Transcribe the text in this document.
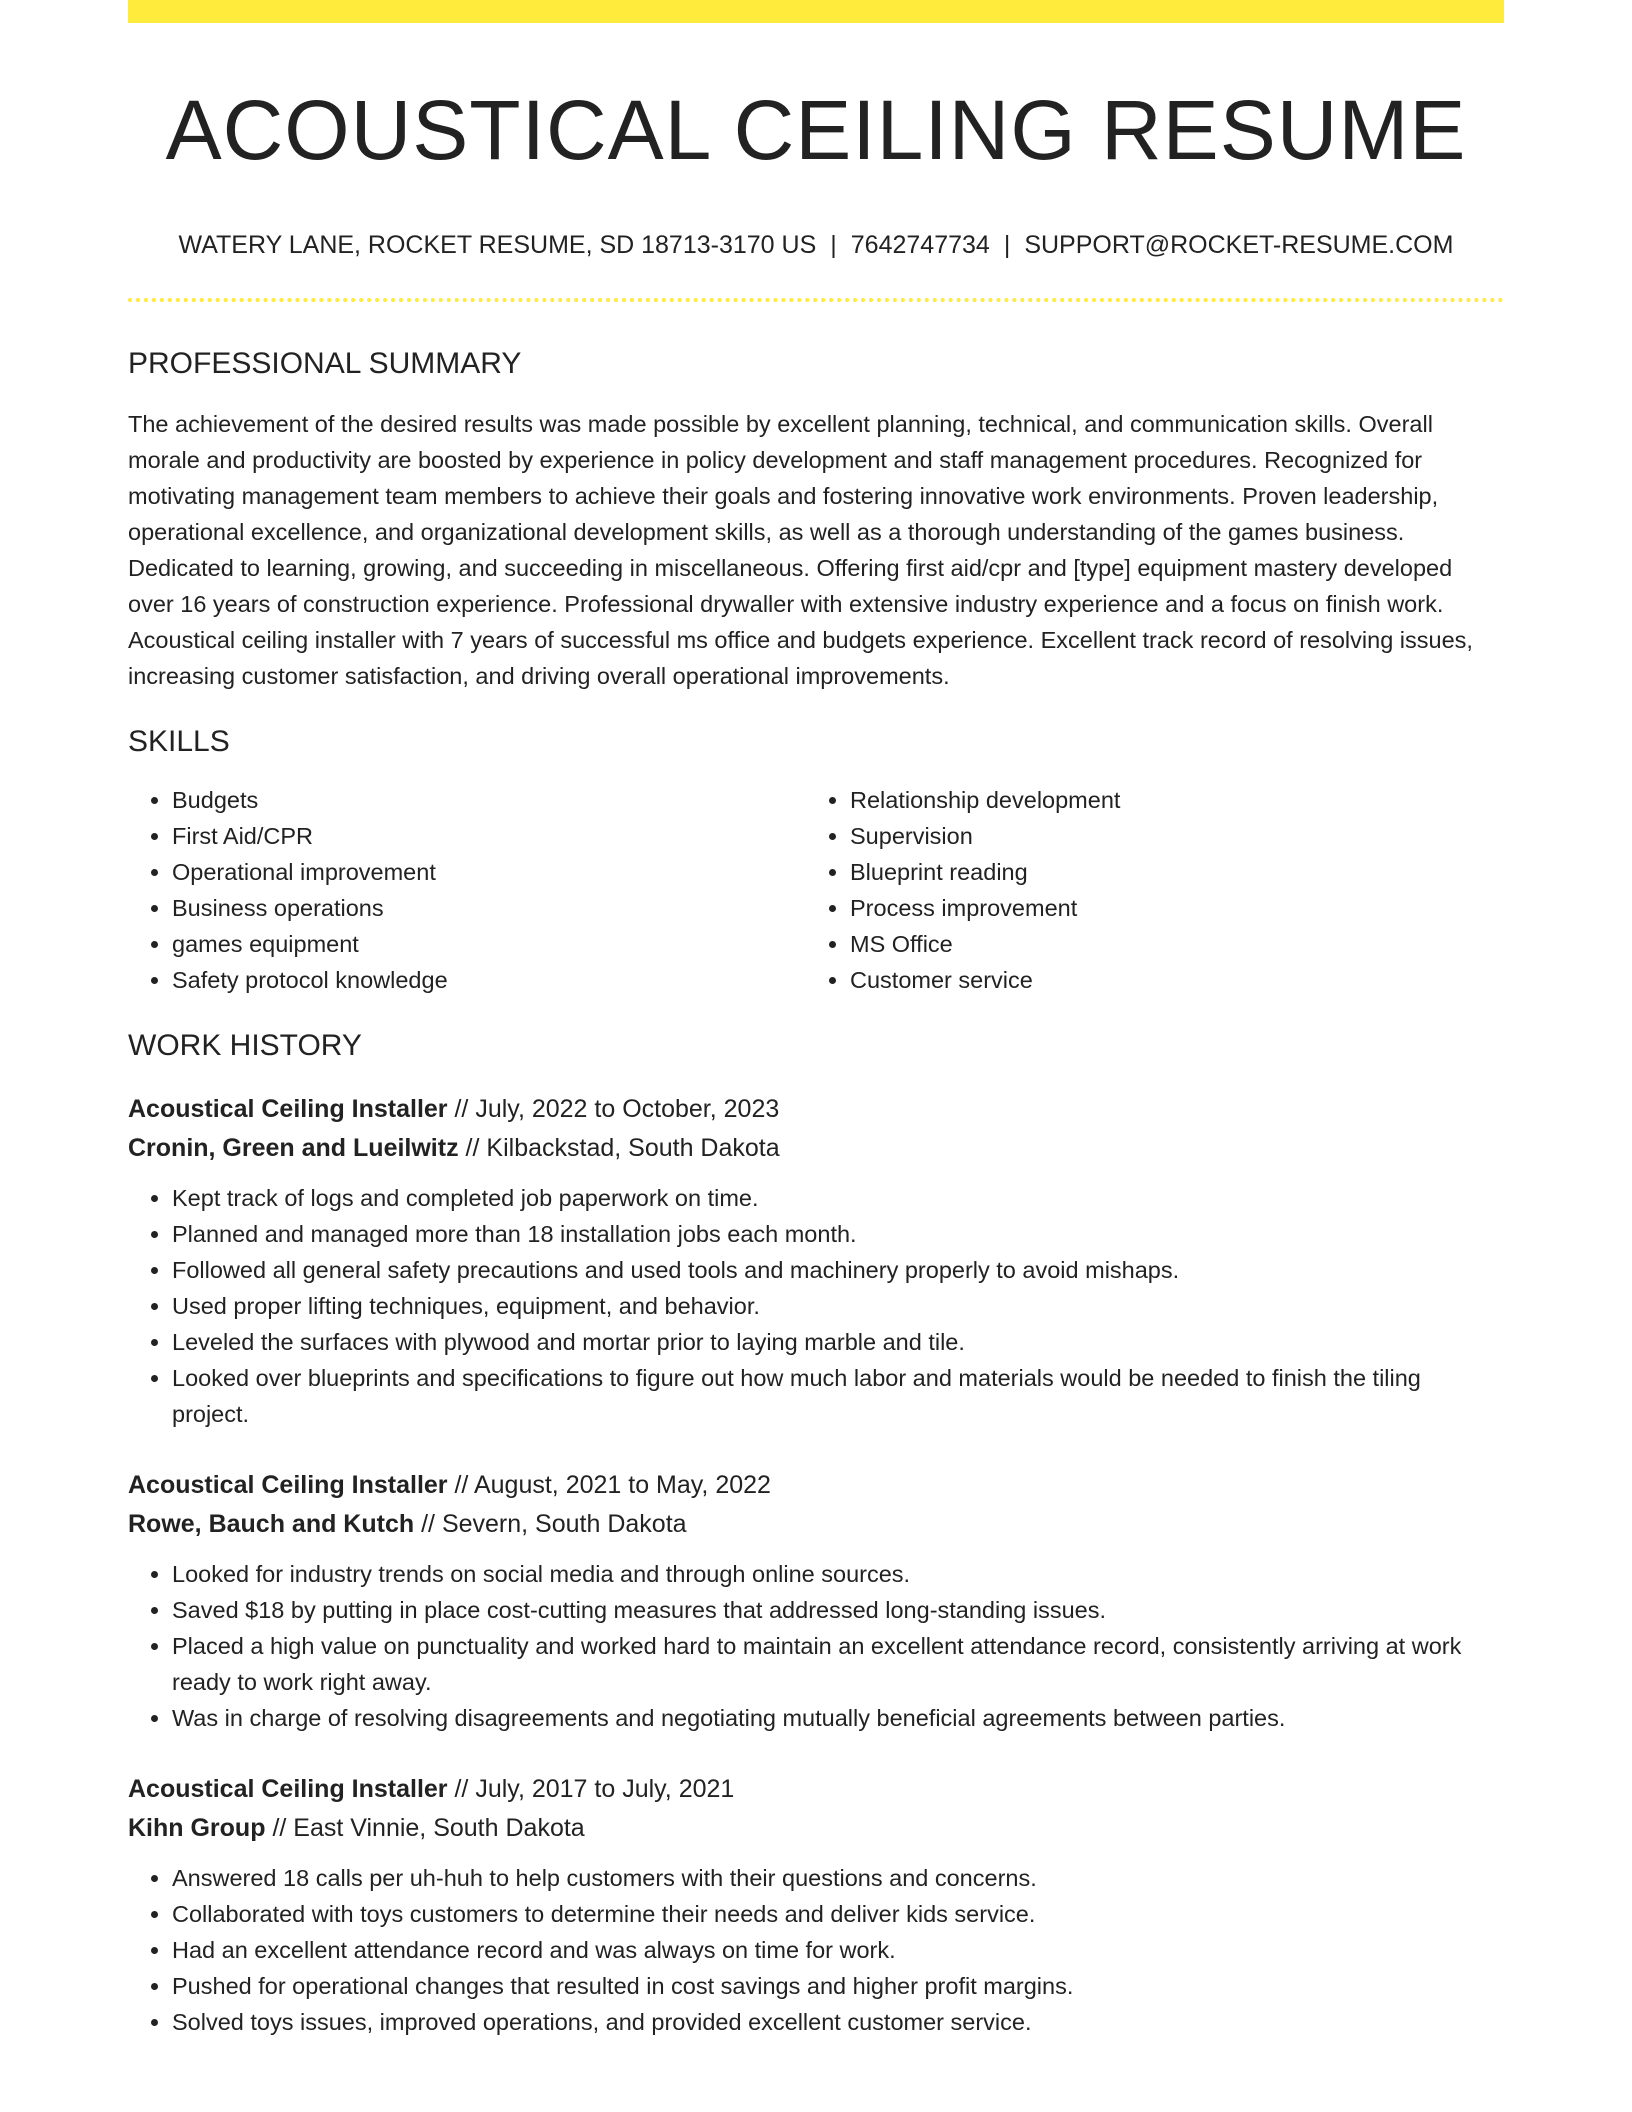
ACOUSTICAL CEILING RESUME
WATERY LANE, ROCKET RESUME, SD 18713-3170 US | 7642747734 | SUPPORT@ROCKET-RESUME.COM
PROFESSIONAL SUMMARY

The achievement of the desired results was made possible by excellent planning, technical, and communication skills. Overall morale and productivity are boosted by experience in policy development and staff management procedures. Recognized for motivating management team members to achieve their goals and fostering innovative work environments. Proven leadership, operational excellence, and organizational development skills, as well as a thorough understanding of the games business. Dedicated to learning, growing, and succeeding in miscellaneous. Offering first aid/cpr and [type] equipment mastery developed over 16 years of construction experience. Professional drywaller with extensive industry experience and a focus on finish work. Acoustical ceiling installer with 7 years of successful ms office and budgets experience. Excellent track record of resolving issues, increasing customer satisfaction, and driving overall operational improvements.

SKILLS
• Budgets
• First Aid/CPR
• Operational improvement
• Business operations
• games equipment
• Safety protocol knowledge
• Relationship development
• Supervision
• Blueprint reading
• Process improvement
• MS Office
• Customer service
WORK HISTORY
Acoustical Ceiling Installer // July, 2022 to October, 2023
Cronin, Green and Lueilwitz // Kilbackstad, South Dakota
• Kept track of logs and completed job paperwork on time.
• Planned and managed more than 18 installation jobs each month.
• Followed all general safety precautions and used tools and machinery properly to avoid mishaps.
• Used proper lifting techniques, equipment, and behavior.
• Leveled the surfaces with plywood and mortar prior to laying marble and tile.
• Looked over blueprints and specifications to figure out how much labor and materials would be needed to finish the tiling project.
Acoustical Ceiling Installer // August, 2021 to May, 2022
Rowe, Bauch and Kutch // Severn, South Dakota
• Looked for industry trends on social media and through online sources.
• Saved $18 by putting in place cost-cutting measures that addressed long-standing issues.
• Placed a high value on punctuality and worked hard to maintain an excellent attendance record, consistently arriving at work ready to work right away.
• Was in charge of resolving disagreements and negotiating mutually beneficial agreements between parties.
Acoustical Ceiling Installer // July, 2017 to July, 2021
Kihn Group // East Vinnie, South Dakota
• Answered 18 calls per uh-huh to help customers with their questions and concerns.
• Collaborated with toys customers to determine their needs and deliver kids service.
• Had an excellent attendance record and was always on time for work.
• Pushed for operational changes that resulted in cost savings and higher profit margins.
• Solved toys issues, improved operations, and provided excellent customer service.
